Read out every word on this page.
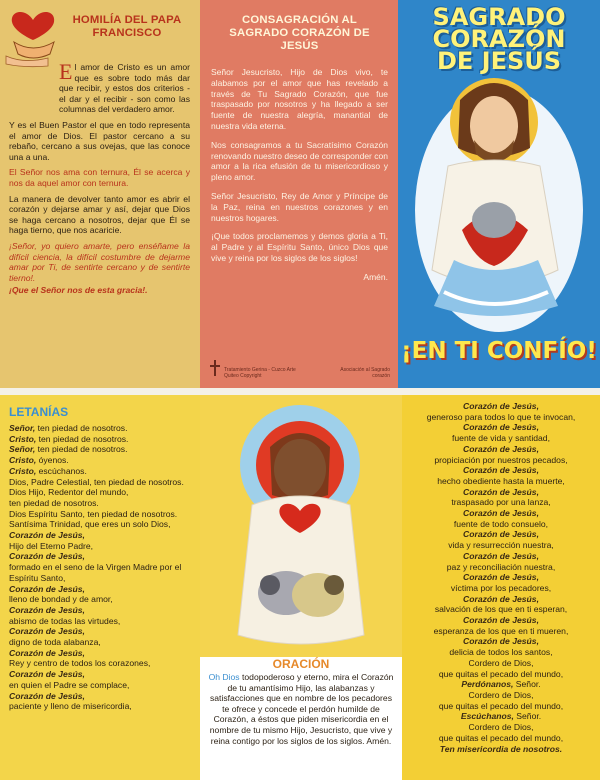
HOMILÍA DEL PAPA FRANCISCO
El amor de Cristo es un amor que es sobre todo más dar que recibir, y estos dos criterios - el dar y el recibir - son como las columnas del verdadero amor.
Y es el Buen Pastor el que en todo representa el amor de Dios. El pastor cercano a su rebaño, cercano a sus ovejas, que las conoce una a una.
El Señor nos ama con ternura, Él se acerca y nos da aquel amor con ternura.
La manera de devolver tanto amor es abrir el corazón y dejarse amar y así, dejar que Dios se haga cercano a nosotros, dejar que Él se haga tierno, que nos acaricie.
¡Señor, yo quiero amarte, pero enséñame la difícil ciencia, la difícil costumbre de dejarme amar por Ti, de sentirte cercano y de sentirte tierno!.
¡Que el Señor nos de esta gracia!.
CONSAGRACIÓN AL SAGRADO CORAZÓN DE JESÚS
Señor Jesucristo, Hijo de Dios vivo, te alabamos por el amor que has revelado a través de Tu Sagrado Corazón, que fue traspasado por nosotros y ha llegado a ser fuente de nuestra alegría, manantial de nuestra vida eterna.
Nos consagramos a tu Sacratísimo Corazón renovando nuestro deseo de corresponder con amor a la rica efusión de tu misericordioso y pleno amor.
Señor Jesucristo, Rey de Amor y Príncipe de la Paz, reina en nuestros corazones y en nuestros hogares.
¡Que todos proclamemos y demos gloria a Ti, al Padre y al Espíritu Santo, único Dios que vive y reina por los siglos de los siglos!
Amén.
Tratamiento Gerina - Cuzco Arte Quiteo Copyright
Asociación al Sagrado corazón
SAGRADO
CORAZÓN
DE JESÚS
¡EN TI CONFÍO!
LETANÍAS
Señor, ten piedad de nosotros.
Cristo, ten piedad de nosotros.
Señor, ten piedad de nosotros.
Cristo, óyenos.
Cristo, escúchanos.
Dios, Padre Celestial, ten piedad de nosotros.
Dios Hijo, Redentor del mundo,
ten piedad de nosotros.
Dios Espíritu Santo, ten piedad de nosotros.
Santísima Trinidad, que eres un solo Dios,
Corazón de Jesús,
Hijo del Eterno Padre,
Corazón de Jesús,
formado en el seno de la Virgen Madre por el Espíritu Santo,
Corazón de Jesús,
lleno de bondad y de amor,
Corazón de Jesús,
abismo de todas las virtudes,
Corazón de Jesús,
digno de toda alabanza,
Corazón de Jesús,
Rey y centro de todos los corazones,
Corazón de Jesús,
en quien el Padre se complace,
Corazón de Jesús,
paciente y lleno de misericordia,
ORACIÓN
Oh Dios todopoderoso y eterno, mira el Corazón de tu amantísimo Hijo, las alabanzas y satisfacciones que en nombre de los pecadores te ofrece y concede el perdón humilde de Corazón, a éstos que piden misericordia en el nombre de tu mismo Hijo, Jesucristo, que vive y reina contigo por los siglos de los siglos. Amén.
Corazón de Jesús,
generoso para todos lo que te invocan,
Corazón de Jesús,
fuente de vida y santidad,
Corazón de Jesús,
propiciación por nuestros pecados,
Corazón de Jesús,
hecho obediente hasta la muerte,
Corazón de Jesús,
traspasado por una lanza,
Corazón de Jesús,
fuente de todo consuelo,
Corazón de Jesús,
vida y resurrección nuestra,
Corazón de Jesús,
paz y reconciliación nuestra,
Corazón de Jesús,
víctima por los pecadores,
Corazón de Jesús,
salvación de los que en ti esperan,
Corazón de Jesús,
esperanza de los que en ti mueren,
Corazón de Jesús,
delicia de todos los santos,
Cordero de Dios,
que quitas el pecado del mundo,
Perdónanos, Señor.
Cordero de Dios,
que quitas el pecado del mundo,
Escúchanos, Señor.
Cordero de Dios,
que quitas el pecado del mundo,
Ten misericordia de nosotros.
